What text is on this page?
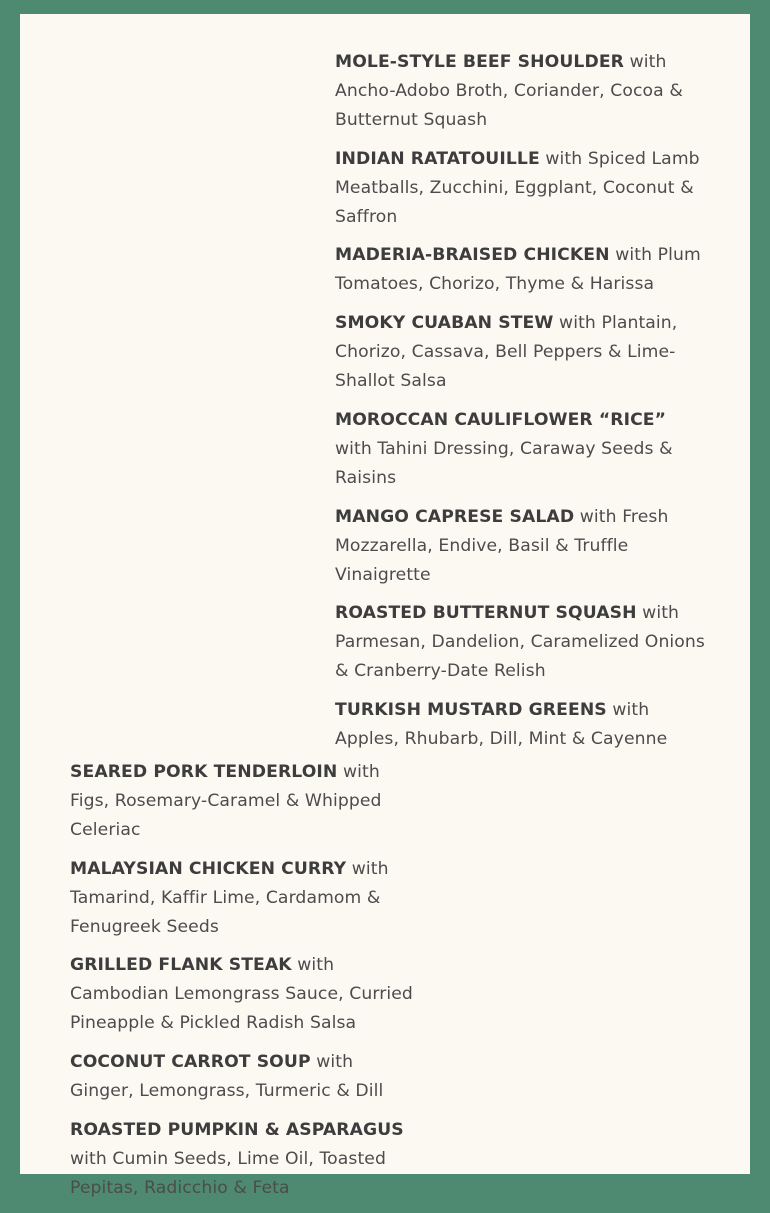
MOLE-STYLE BEEF SHOULDER with Ancho-Adobo Broth, Coriander, Cocoa & Butternut Squash
INDIAN RATATOUILLE with Spiced Lamb Meatballs, Zucchini, Eggplant, Coconut & Saffron
MADERIA-BRAISED CHICKEN with Plum Tomatoes, Chorizo, Thyme & Harissa
SMOKY CUABAN STEW with Plantain, Chorizo, Cassava, Bell Peppers & Lime-Shallot Salsa
MOROCCAN CAULIFLOWER “RICE” with Tahini Dressing, Caraway Seeds & Raisins
MANGO CAPRESE SALAD with Fresh Mozzarella, Endive, Basil & Truffle Vinaigrette
ROASTED BUTTERNUT SQUASH with Parmesan, Dandelion, Caramelized Onions & Cranberry-Date Relish
TURKISH MUSTARD GREENS with Apples, Rhubarb, Dill, Mint & Cayenne
SEARED PORK TENDERLOIN with Figs, Rosemary-Caramel & Whipped Celeriac
MALAYSIAN CHICKEN CURRY with Tamarind, Kaffir Lime, Cardamom & Fenugreek Seeds
GRILLED FLANK STEAK with Cambodian Lemongrass Sauce, Curried Pineapple & Pickled Radish Salsa
COCONUT CARROT SOUP with Ginger, Lemongrass, Turmeric & Dill
ROASTED PUMPKIN & ASPARAGUS with Cumin Seeds, Lime Oil, Toasted Pepitas, Radicchio & Feta
